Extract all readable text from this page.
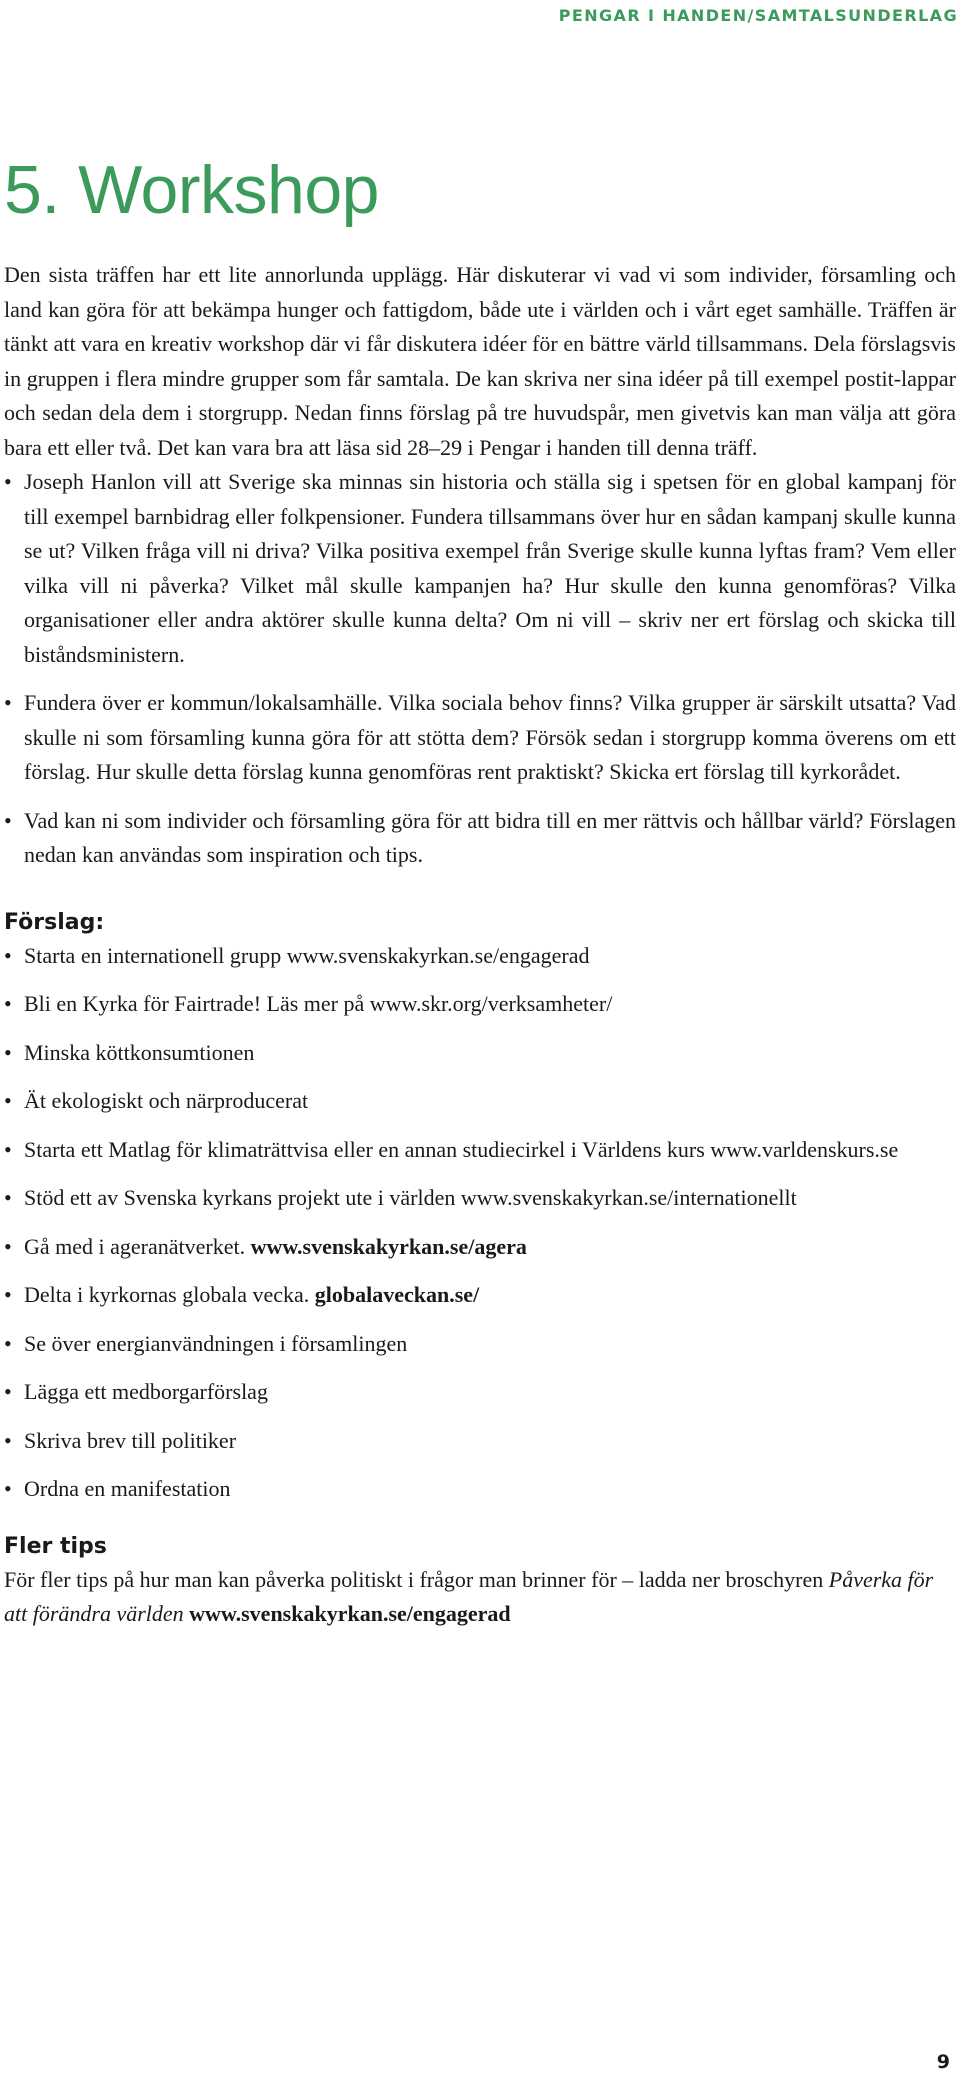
PENGAR I HANDEN/SAMTALSUNDERLAG
5. Workshop

Den sista träffen har ett lite annorlunda upplägg. Här diskuterar vi vad vi som individer, församling och land kan göra för att bekämpa hunger och fattigdom, både ute i världen och i vårt eget samhälle. Träffen är tänkt att vara en kreativ workshop där vi får diskutera idéer för en bättre värld tillsammans. Dela förslagsvis in gruppen i flera mindre grupper som får samtala. De kan skriva ner sina idéer på till exempel postit-lappar och sedan dela dem i storgrupp. Nedan finns förslag på tre huvudspår, men givetvis kan man välja att göra bara ett eller två. Det kan vara bra att läsa sid 28–29 i Pengar i handen till denna träff.

• Joseph Hanlon vill att Sverige ska minnas sin historia och ställa sig i spetsen för en global kampanj för till exempel barnbidrag eller folkpensioner. Fundera tillsammans över hur en sådan kampanj skulle kunna se ut? Vilken fråga vill ni driva? Vilka positiva exempel från Sverige skulle kunna lyftas fram? Vem eller vilka vill ni påverka? Vilket mål skulle kampanjen ha? Hur skulle den kunna genomföras? Vilka organisationer eller andra aktörer skulle kunna delta? Om ni vill – skriv ner ert förslag och skicka till biståndsministern.
• Fundera över er kommun/lokalsamhälle. Vilka sociala behov finns? Vilka grupper är särskilt utsatta? Vad skulle ni som församling kunna göra för att stötta dem? Försök sedan i storgrupp komma överens om ett förslag. Hur skulle detta förslag kunna genomföras rent praktiskt? Skicka ert förslag till kyrkorådet.
• Vad kan ni som individer och församling göra för att bidra till en mer rättvis och hållbar värld? Förslagen nedan kan användas som inspiration och tips.
Förslag:
• Starta en internationell grupp www.svenskakyrkan.se/engagerad
• Bli en Kyrka för Fairtrade! Läs mer på www.skr.org/verksamheter/
• Minska köttkonsumtionen
• Ät ekologiskt och närproducerat
• Starta ett Matlag för klimaträttvisa eller en annan studiecirkel i Världens kurs www.varldenskurs.se
• Stöd ett av Svenska kyrkans projekt ute i världen www.svenskakyrkan.se/internationellt
• Gå med i ageranätverket. www.svenskakyrkan.se/agera
• Delta i kyrkornas globala vecka. globalaveckan.se/
• Se över energianvändningen i församlingen
• Lägga ett medborgarförslag
• Skriva brev till politiker
• Ordna en manifestation
Fler tips

För fler tips på hur man kan påverka politiskt i frågor man brinner för – ladda ner broschyren Påverka för att förändra världen www.svenskakyrkan.se/engagerad

9
